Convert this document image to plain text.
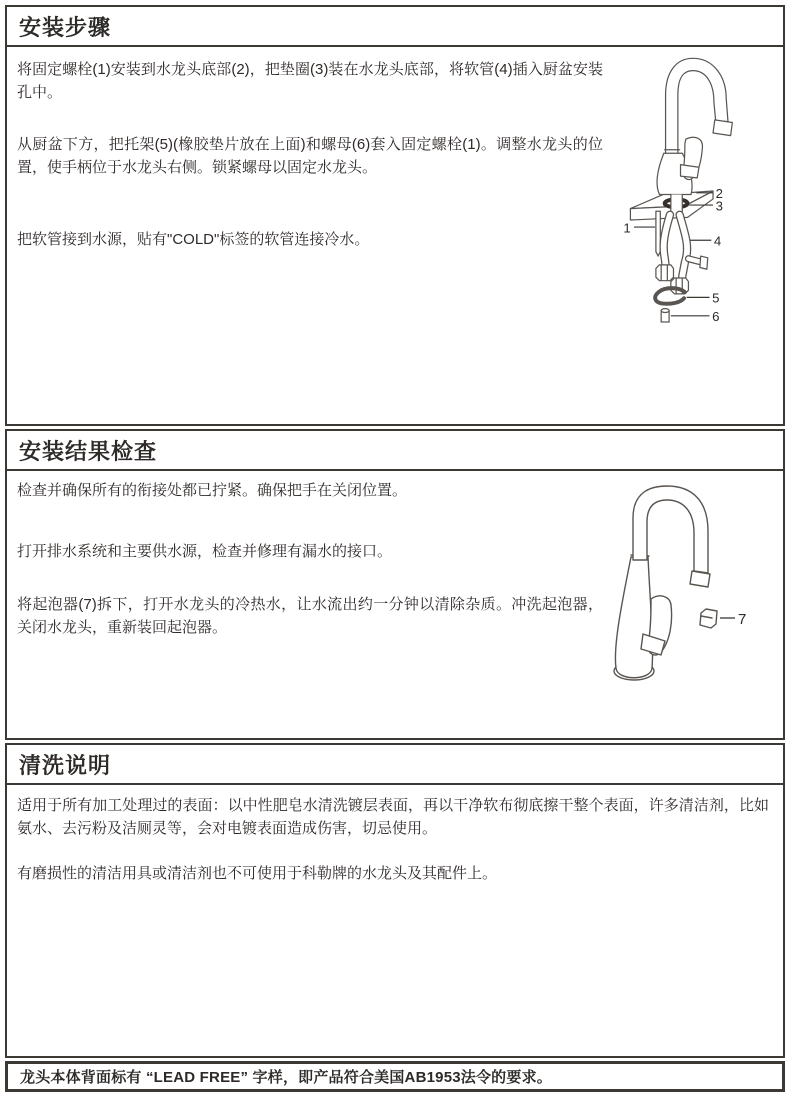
安装步骤

将固定螺栓(1)安装到水龙头底部(2)，把垫圈(3)装在水龙头底部，将软管(4)插入厨盆安装孔中。

从厨盆下方，把托架(5)(橡胶垫片放在上面)和螺母(6)套入固定螺栓(1)。调整水龙头的位置，使手柄位于水龙头右侧。锁紧螺母以固定水龙头。

把软管接到水源，贴有"COLD"标签的软管连接冷水。

1
2
3
4
5
6
安装结果检查

检查并确保所有的衔接处都已拧紧。确保把手在关闭位置。

打开排水系统和主要供水源，检查并修理有漏水的接口。

将起泡器(7)拆下，打开水龙头的冷热水，让水流出约一分钟以清除杂质。冲洗起泡器，关闭水龙头，重新装回起泡器。	7
清洗说明

适用于所有加工处理过的表面：以中性肥皂水清洗镀层表面，再以干净软布彻底擦干整个表面，许多清洁剂，比如氨水、去污粉及洁厕灵等，会对电镀表面造成伤害，切忌使用。

有磨损性的清洁用具或清洁剂也不可使用于科勒牌的水龙头及其配件上。

龙头本体背面标有 “LEAD FREE” 字样，即产品符合美国AB1953法令的要求。
